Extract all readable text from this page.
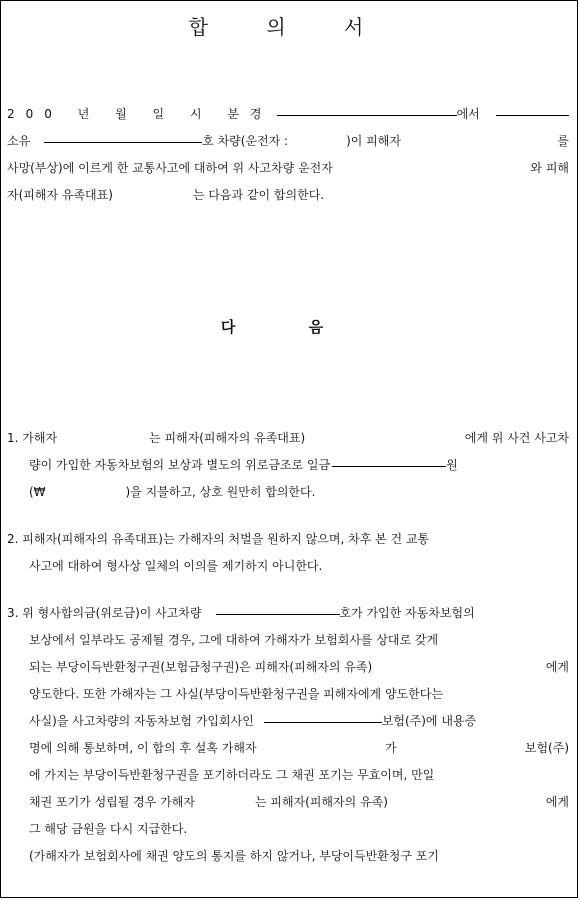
합 의 서
200 년 월 일 시 분경	에서
소유	호 차량(운전자 :	)이 피해자	를
사망(부상)에 이르게 한 교통사고에 대하여 위 사고차량 운전자	와 피해
자(피해자 유족대표)	는 다음과 같이 합의한다.
다 음
1. 가해자	는 피해자(피해자의 유족대표)	에게 위 사건 사고차
량이 가입한 자동차보험의 보상과 별도의 위로금조로 일금	원
(₩	)을 지불하고, 상호 원만히 합의한다.
2. 피해자(피해자의 유족대표)는 가해자의 처벌을 원하지 않으며, 차후 본 건 교통
사고에 대하여 형사상 일체의 이의를 제기하지 아니한다.
3. 위 형사합의금(위로금)이 사고차량	호가 가입한 자동차보험의
보상에서 일부라도 공제될 경우, 그에 대하여 가해자가 보험회사를 상대로 갖게
되는 부당이득반환청구권(보험금청구권)은 피해자(피해자의 유족)	에게
양도한다. 또한 가해자는 그 사실(부당이득반환청구권을 피해자에게 양도한다는
사실)을 사고차량의 자동차보험 가입회사인	보험(주)에 내용증
명에 의해 통보하며, 이 합의 후 설혹 가해자	가	보험(주)
에 가지는 부당이득반환청구권을 포기하더라도 그 채권 포기는 무효이며, 만일
채권 포기가 성립될 경우 가해자	는 피해자(피해자의 유족)	에게
그 해당 금원을 다시 지급한다.
(가해자가 보험회사에 채권 양도의 통지를 하지 않거나, 부당이득반환청구 포기
